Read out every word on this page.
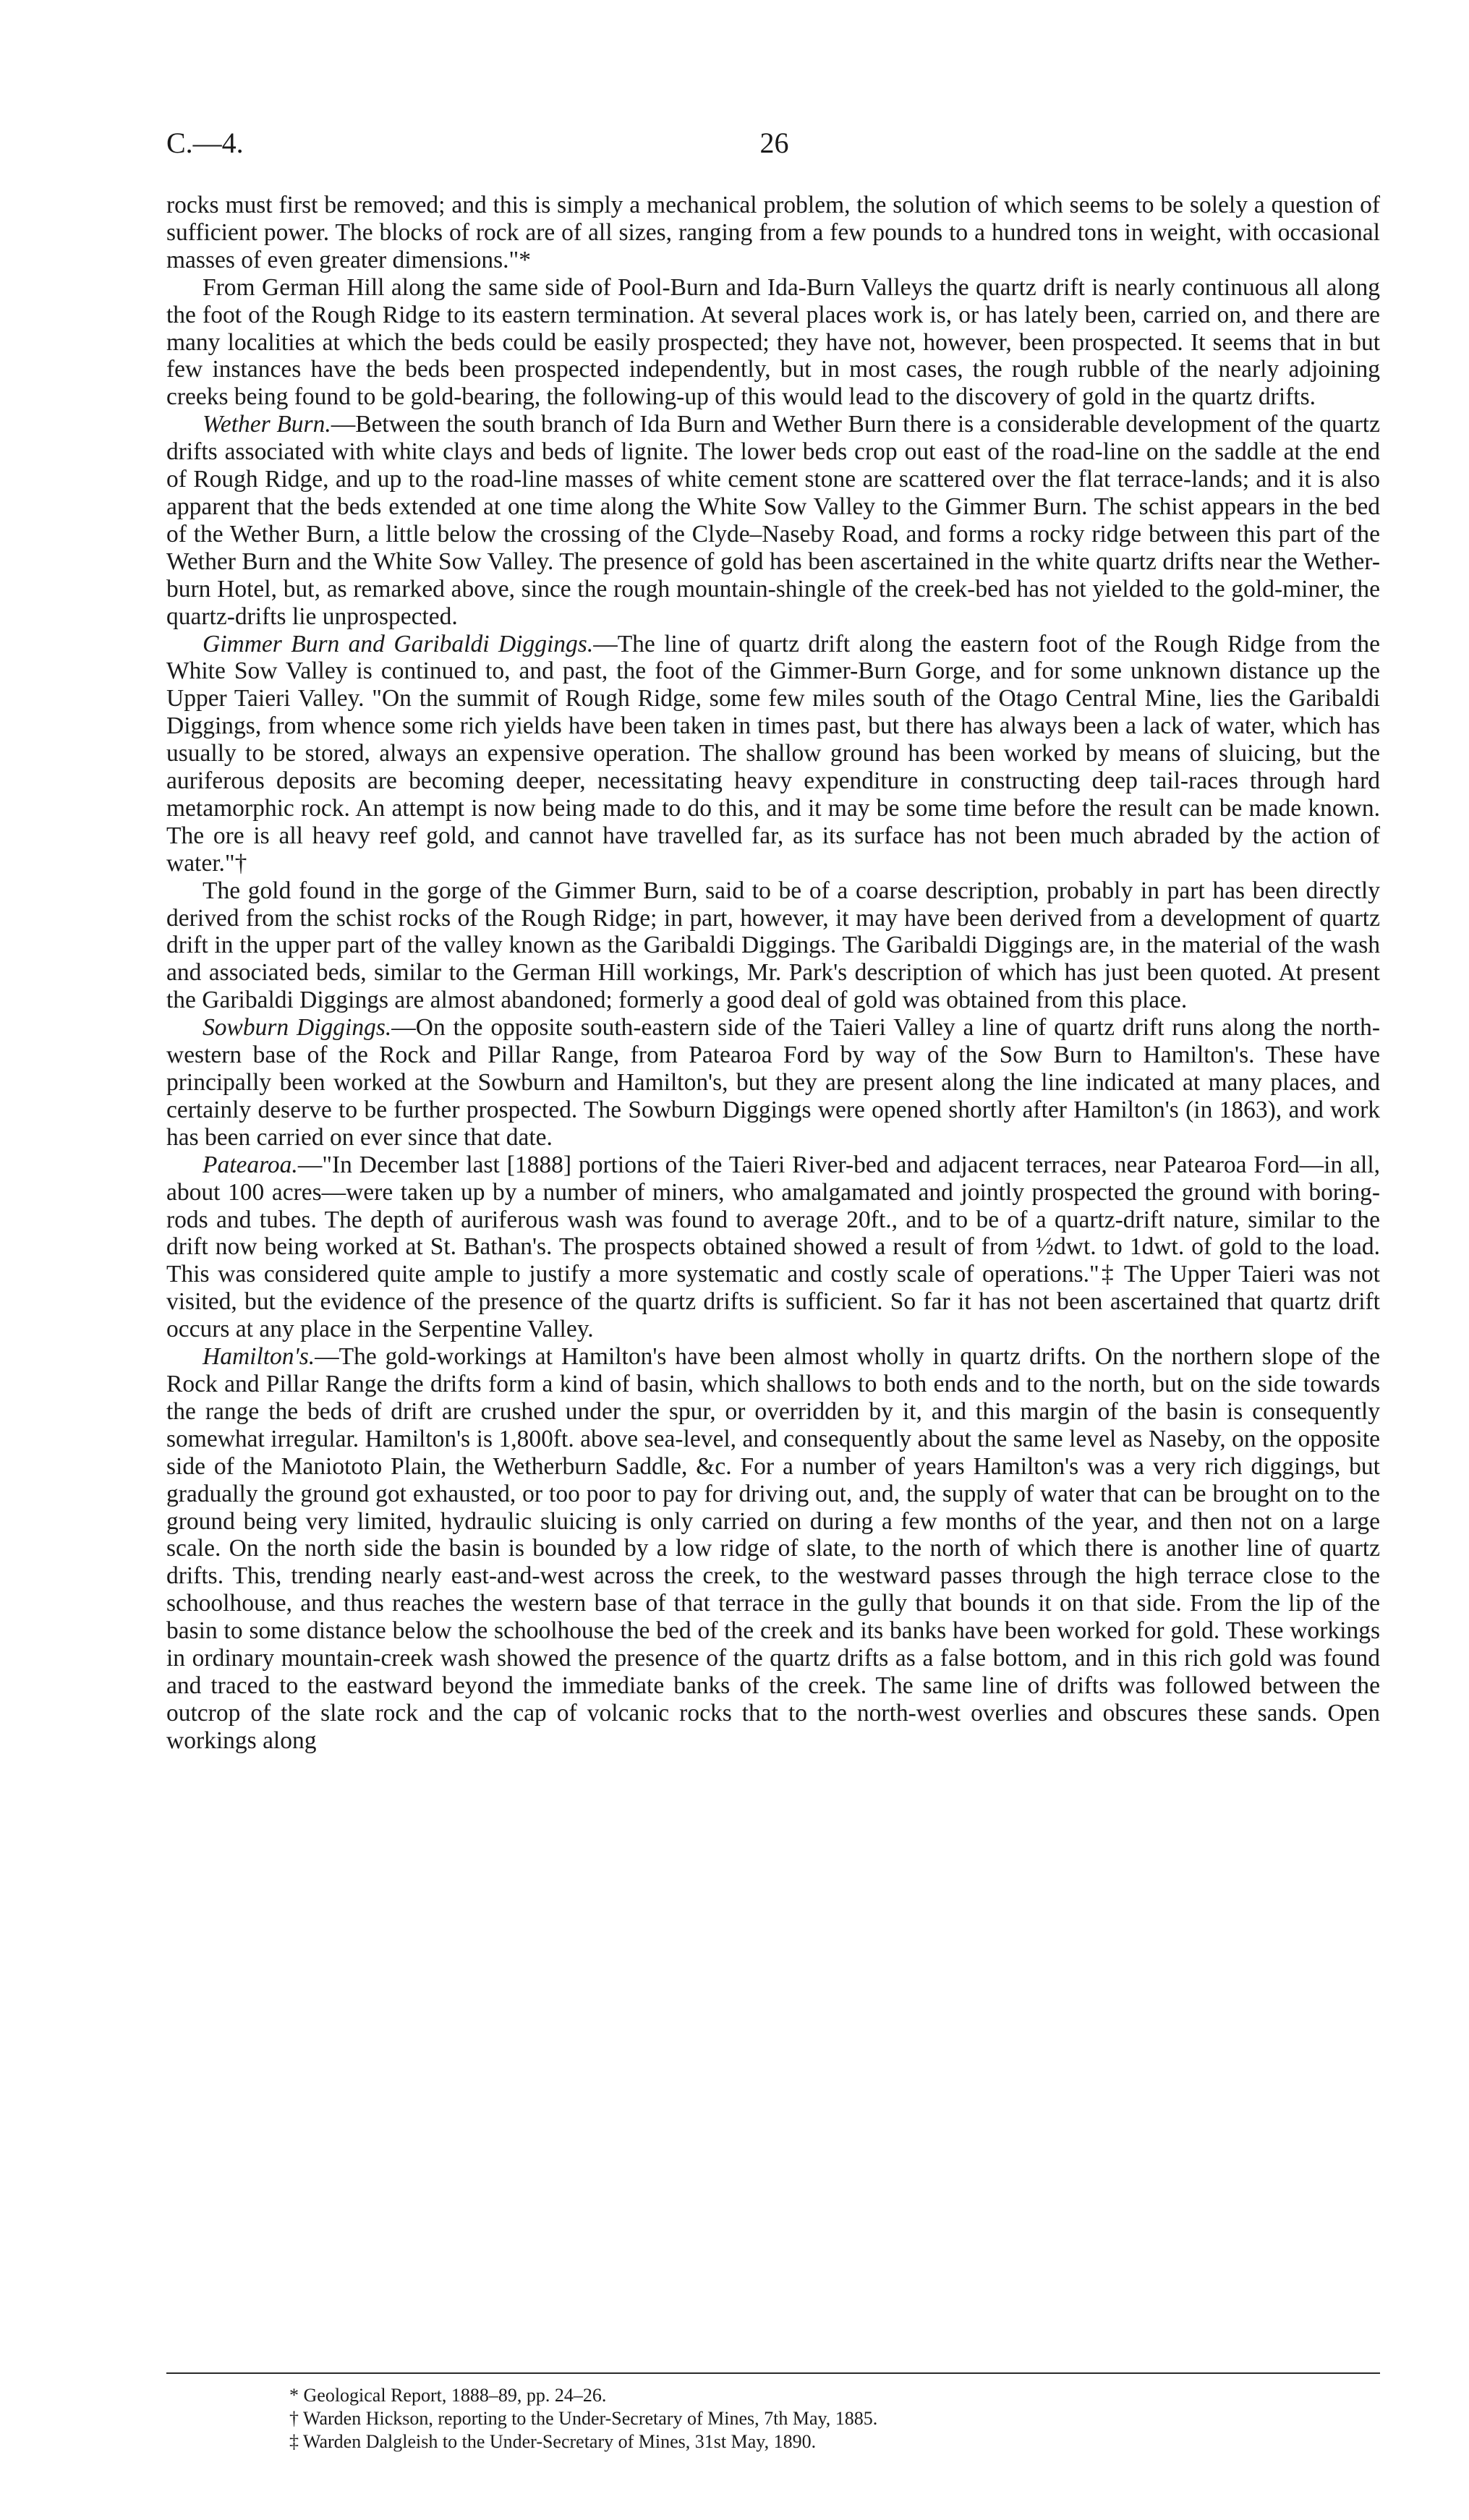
C.—4.	26

rocks must first be removed; and this is simply a mechanical problem, the solution of which seems to be solely a question of sufficient power. The blocks of rock are of all sizes, ranging from a few pounds to a hundred tons in weight, with occasional masses of even greater dimensions."*

From German Hill along the same side of Pool-Burn and Ida-Burn Valleys the quartz drift is nearly continuous all along the foot of the Rough Ridge to its eastern termination. At several places work is, or has lately been, carried on, and there are many localities at which the beds could be easily prospected; they have not, however, been prospected. It seems that in but few instances have the beds been prospected independently, but in most cases, the rough rubble of the nearly adjoining creeks being found to be gold-bearing, the following-up of this would lead to the discovery of gold in the quartz drifts.

Wether Burn.—Between the south branch of Ida Burn and Wether Burn there is a considerable development of the quartz drifts associated with white clays and beds of lignite. The lower beds crop out east of the road-line on the saddle at the end of Rough Ridge, and up to the road-line masses of white cement stone are scattered over the flat terrace-lands; and it is also apparent that the beds extended at one time along the White Sow Valley to the Gimmer Burn. The schist appears in the bed of the Wether Burn, a little below the crossing of the Clyde–Naseby Road, and forms a rocky ridge between this part of the Wether Burn and the White Sow Valley. The presence of gold has been ascertained in the white quartz drifts near the Wether-burn Hotel, but, as remarked above, since the rough mountain-shingle of the creek-bed has not yielded to the gold-miner, the quartz-drifts lie unprospected.

Gimmer Burn and Garibaldi Diggings.—The line of quartz drift along the eastern foot of the Rough Ridge from the White Sow Valley is continued to, and past, the foot of the Gimmer-Burn Gorge, and for some unknown distance up the Upper Taieri Valley. "On the summit of Rough Ridge, some few miles south of the Otago Central Mine, lies the Garibaldi Diggings, from whence some rich yields have been taken in times past, but there has always been a lack of water, which has usually to be stored, always an expensive operation. The shallow ground has been worked by means of sluicing, but the auriferous deposits are becoming deeper, necessitating heavy expenditure in constructing deep tail-races through hard metamorphic rock. An attempt is now being made to do this, and it may be some time before the result can be made known. The ore is all heavy reef gold, and cannot have travelled far, as its surface has not been much abraded by the action of water."†

The gold found in the gorge of the Gimmer Burn, said to be of a coarse description, probably in part has been directly derived from the schist rocks of the Rough Ridge; in part, however, it may have been derived from a development of quartz drift in the upper part of the valley known as the Garibaldi Diggings. The Garibaldi Diggings are, in the material of the wash and associated beds, similar to the German Hill workings, Mr. Park's description of which has just been quoted. At present the Garibaldi Diggings are almost abandoned; formerly a good deal of gold was obtained from this place.

Sowburn Diggings.—On the opposite south-eastern side of the Taieri Valley a line of quartz drift runs along the north-western base of the Rock and Pillar Range, from Patearoa Ford by way of the Sow Burn to Hamilton's. These have principally been worked at the Sowburn and Hamilton's, but they are present along the line indicated at many places, and certainly deserve to be further prospected. The Sowburn Diggings were opened shortly after Hamilton's (in 1863), and work has been carried on ever since that date.

Patearoa.—"In December last [1888] portions of the Taieri River-bed and adjacent terraces, near Patearoa Ford—in all, about 100 acres—were taken up by a number of miners, who amalgamated and jointly prospected the ground with boring-rods and tubes. The depth of auriferous wash was found to average 20ft., and to be of a quartz-drift nature, similar to the drift now being worked at St. Bathan's. The prospects obtained showed a result of from ½dwt. to 1dwt. of gold to the load. This was considered quite ample to justify a more systematic and costly scale of operations."‡ The Upper Taieri was not visited, but the evidence of the presence of the quartz drifts is sufficient. So far it has not been ascertained that quartz drift occurs at any place in the Serpentine Valley.

Hamilton's.—The gold-workings at Hamilton's have been almost wholly in quartz drifts. On the northern slope of the Rock and Pillar Range the drifts form a kind of basin, which shallows to both ends and to the north, but on the side towards the range the beds of drift are crushed under the spur, or overridden by it, and this margin of the basin is consequently somewhat irregular. Hamilton's is 1,800ft. above sea-level, and consequently about the same level as Naseby, on the opposite side of the Maniototo Plain, the Wetherburn Saddle, &c. For a number of years Hamilton's was a very rich diggings, but gradually the ground got exhausted, or too poor to pay for driving out, and, the supply of water that can be brought on to the ground being very limited, hydraulic sluicing is only carried on during a few months of the year, and then not on a large scale. On the north side the basin is bounded by a low ridge of slate, to the north of which there is another line of quartz drifts. This, trending nearly east-and-west across the creek, to the westward passes through the high terrace close to the schoolhouse, and thus reaches the western base of that terrace in the gully that bounds it on that side. From the lip of the basin to some distance below the schoolhouse the bed of the creek and its banks have been worked for gold. These workings in ordinary mountain-creek wash showed the presence of the quartz drifts as a false bottom, and in this rich gold was found and traced to the eastward beyond the immediate banks of the creek. The same line of drifts was followed between the outcrop of the slate rock and the cap of volcanic rocks that to the north-west overlies and obscures these sands. Open workings along

* Geological Report, 1888–89, pp. 24–26.
† Warden Hickson, reporting to the Under-Secretary of Mines, 7th May, 1885.
‡ Warden Dalgleish to the Under-Secretary of Mines, 31st May, 1890.
